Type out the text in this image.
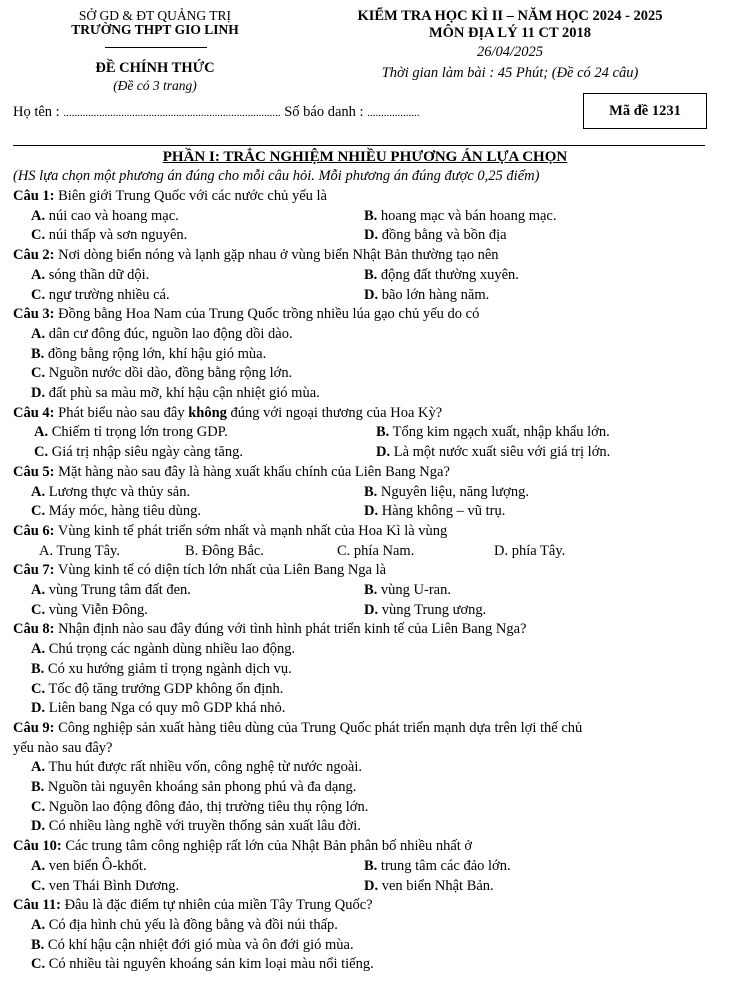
SỞ GD & ĐT QUẢNG TRỊ
TRƯỜNG THPT GIO LINH
ĐỀ CHÍNH THỨC
(Đề có 3 trang)
KIỂM TRA HỌC KÌ II – NĂM HỌC 2024 - 2025
MÔN ĐỊA LÝ 11 CT 2018
26/04/2025
Thời gian làm bài : 45 Phút; (Đề có 24 câu)
Họ tên : ............................................................................... Số báo danh : ...................	Mã đề 1231
PHẦN I: TRẮC NGHIỆM NHIỀU PHƯƠNG ÁN LỰA CHỌN
(HS lựa chọn một phương án đúng cho mỗi câu hỏi. Mỗi phương án đúng được 0,25 điểm)
Câu 1: Biên giới Trung Quốc với các nước chủ yếu là
A. núi cao và hoang mạc.	B. hoang mạc và bán hoang mạc.
C. núi thấp và sơn nguyên.	D. đồng bằng và bồn địa
Câu 2: Nơi dòng biển nóng và lạnh gặp nhau ở vùng biển Nhật Bản thường tạo nên
A. sóng thần dữ dội.	B. động đất thường xuyên.
C. ngư trường nhiều cá.	D. bão lớn hàng năm.
Câu 3: Đồng bằng Hoa Nam của Trung Quốc trồng nhiều lúa gạo chủ yếu do có
A. dân cư đông đúc, nguồn lao động dồi dào.
B. đồng bằng rộng lớn, khí hậu gió mùa.
C. Nguồn nước dồi dào, đồng bằng rộng lớn.
D. đất phù sa màu mỡ, khí hậu cận nhiệt gió mùa.
Câu 4: Phát biểu nào sau đây không đúng với ngoại thương của Hoa Kỳ?
A. Chiếm tỉ trọng lớn trong GDP.	B. Tổng kim ngạch xuất, nhập khẩu lớn.
C. Giá trị nhập siêu ngày càng tăng.	D. Là một nước xuất siêu với giá trị lớn.
Câu 5: Mặt hàng nào sau đây là hàng xuất khẩu chính của Liên Bang Nga?
A. Lương thực và thủy sản.	B. Nguyên liệu, năng lượng.
C. Máy móc, hàng tiêu dùng.	D. Hàng không – vũ trụ.
Câu 6: Vùng kinh tế phát triển sớm nhất và mạnh nhất của Hoa Kì là vùng
A. Trung Tây.	B. Đông Bắc.	C. phía Nam.	D. phía Tây.
Câu 7: Vùng kinh tế có diện tích lớn nhất của Liên Bang Nga là
A. vùng Trung tâm đất đen.	B. vùng U-ran.
C. vùng Viễn Đông.	D. vùng Trung ương.
Câu 8: Nhận định nào sau đây đúng với tình hình phát triển kinh tế của Liên Bang Nga?
A. Chú trọng các ngành dùng nhiều lao động.
B. Có xu hướng giảm tỉ trọng ngành dịch vụ.
C. Tốc độ tăng trưởng GDP không ổn định.
D. Liên bang Nga có quy mô GDP khá nhỏ.
Câu 9: Công nghiệp sản xuất hàng tiêu dùng của Trung Quốc phát triển mạnh dựa trên lợi thế chủ
yếu nào sau đây?
A. Thu hút được rất nhiều vốn, công nghệ từ nước ngoài.
B. Nguồn tài nguyên khoáng sản phong phú và đa dạng.
C. Nguồn lao động đông đảo, thị trường tiêu thụ rộng lớn.
D. Có nhiều làng nghề với truyền thống sản xuất lâu đời.
Câu 10: Các trung tâm công nghiệp rất lớn của Nhật Bản phân bố nhiều nhất ở
A. ven biển Ô-khốt.	B. trung tâm các đảo lớn.
C. ven Thái Bình Dương.	D. ven biển Nhật Bản.
Câu 11: Đâu là đặc điểm tự nhiên của miền Tây Trung Quốc?
A. Có địa hình chủ yếu là đồng bằng và đồi núi thấp.
B. Có khí hậu cận nhiệt đới gió mùa và ôn đới gió mùa.
C. Có nhiều tài nguyên khoáng sản kim loại màu nổi tiếng.
